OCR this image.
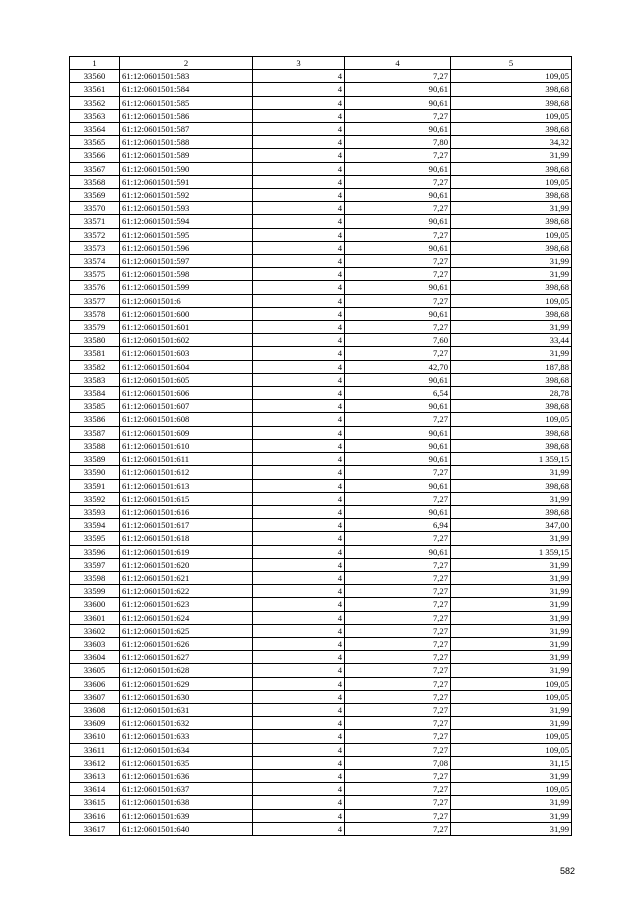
1	2	3	4	5
33560	61:12:0601501:583	4	7,27	109,05
33561	61:12:0601501:584	4	90,61	398,68
33562	61:12:0601501:585	4	90,61	398,68
33563	61:12:0601501:586	4	7,27	109,05
33564	61:12:0601501:587	4	90,61	398,68
33565	61:12:0601501:588	4	7,80	34,32
33566	61:12:0601501:589	4	7,27	31,99
33567	61:12:0601501:590	4	90,61	398,68
33568	61:12:0601501:591	4	7,27	109,05
33569	61:12:0601501:592	4	90,61	398,68
33570	61:12:0601501:593	4	7,27	31,99
33571	61:12:0601501:594	4	90,61	398,68
33572	61:12:0601501:595	4	7,27	109,05
33573	61:12:0601501:596	4	90,61	398,68
33574	61:12:0601501:597	4	7,27	31,99
33575	61:12:0601501:598	4	7,27	31,99
33576	61:12:0601501:599	4	90,61	398,68
33577	61:12:0601501:6	4	7,27	109,05
33578	61:12:0601501:600	4	90,61	398,68
33579	61:12:0601501:601	4	7,27	31,99
33580	61:12:0601501:602	4	7,60	33,44
33581	61:12:0601501:603	4	7,27	31,99
33582	61:12:0601501:604	4	42,70	187,88
33583	61:12:0601501:605	4	90,61	398,68
33584	61:12:0601501:606	4	6,54	28,78
33585	61:12:0601501:607	4	90,61	398,68
33586	61:12:0601501:608	4	7,27	109,05
33587	61:12:0601501:609	4	90,61	398,68
33588	61:12:0601501:610	4	90,61	398,68
33589	61:12:0601501:611	4	90,61	1 359,15
33590	61:12:0601501:612	4	7,27	31,99
33591	61:12:0601501:613	4	90,61	398,68
33592	61:12:0601501:615	4	7,27	31,99
33593	61:12:0601501:616	4	90,61	398,68
33594	61:12:0601501:617	4	6,94	347,00
33595	61:12:0601501:618	4	7,27	31,99
33596	61:12:0601501:619	4	90,61	1 359,15
33597	61:12:0601501:620	4	7,27	31,99
33598	61:12:0601501:621	4	7,27	31,99
33599	61:12:0601501:622	4	7,27	31,99
33600	61:12:0601501:623	4	7,27	31,99
33601	61:12:0601501:624	4	7,27	31,99
33602	61:12:0601501:625	4	7,27	31,99
33603	61:12:0601501:626	4	7,27	31,99
33604	61:12:0601501:627	4	7,27	31,99
33605	61:12:0601501:628	4	7,27	31,99
33606	61:12:0601501:629	4	7,27	109,05
33607	61:12:0601501:630	4	7,27	109,05
33608	61:12:0601501:631	4	7,27	31,99
33609	61:12:0601501:632	4	7,27	31,99
33610	61:12:0601501:633	4	7,27	109,05
33611	61:12:0601501:634	4	7,27	109,05
33612	61:12:0601501:635	4	7,08	31,15
33613	61:12:0601501:636	4	7,27	31,99
33614	61:12:0601501:637	4	7,27	109,05
33615	61:12:0601501:638	4	7,27	31,99
33616	61:12:0601501:639	4	7,27	31,99
33617	61:12:0601501:640	4	7,27	31,99
582
